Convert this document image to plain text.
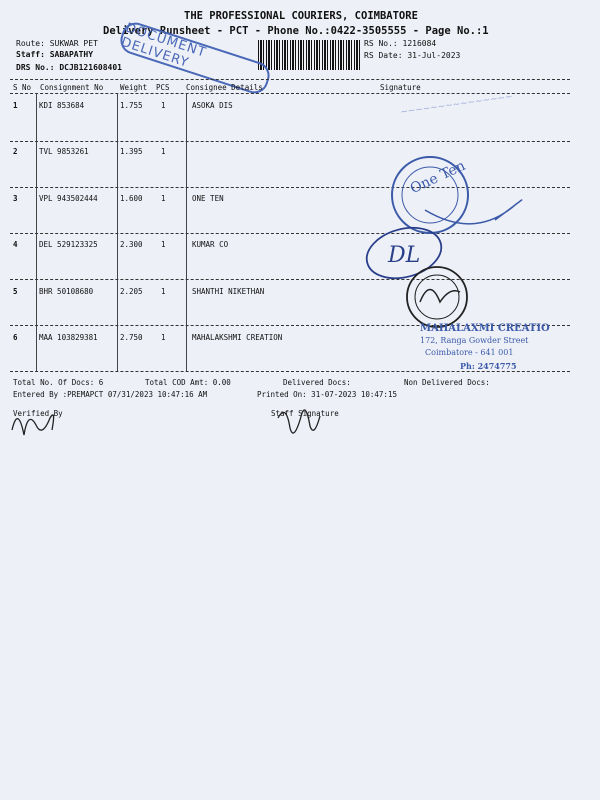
THE PROFESSIONAL COURIERS, COIMBATORE
Delivery Runsheet - PCT - Phone No.:0422-3505555 - Page No.:1
Route: SUKWAR PET
Staff: SABAPATHY
DRS No.: DCJB121608401
RS No.: 1216084
RS Date: 31-Jul-2023
DOCUMENT DELIVERY
S No Consignment No Weight PCS Consignee Details	Signature
1	KDI 853684	1.755 1	ASOKA DIS
2	TVL 9853261	1.395 1
3	VPL 943502444	1.600 1	ONE TEN
4	DEL 529123325	2.300 1	KUMAR CO
5	BHR 50108680	2.205 1	SHANTHI NIKETHAN
6	MAA 103829381	2.750 1	MAHALAKSHMI CREATION
~~~~~~~~~~~~~~~
One Ten
DL
MAHALAXMI CREATIO
172, Ranga Gowder Street
Coimbatore - 641 001
Ph: 2474775
Total No. Of Docs: 6	Total COD Amt: 0.00	Delivered Docs:	Non Delivered Docs:
Entered By :PREMAPCT 07/31/2023 10:47:16 AM	Printed On: 31-07-2023 10:47:15
Verified By	Staff Signature
